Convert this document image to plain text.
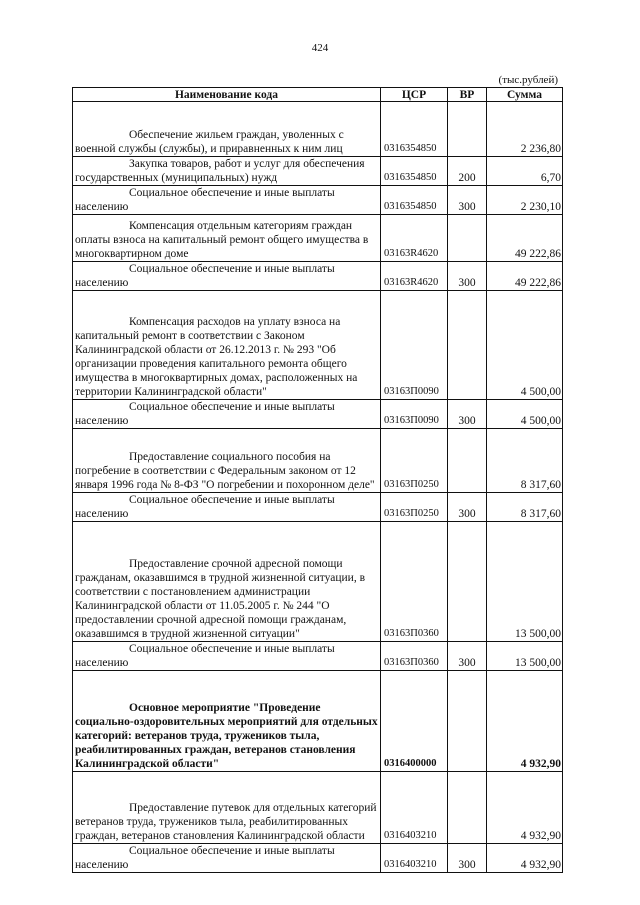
424
(тыс.рублей)
Наименование кода	ЦСР	ВР	Сумма

Обеспечение жильем граждан, уволенных с военной службы (службы), и приравненных к ним лиц	0316354850		2 236,80

Закупка товаров, работ и услуг для обеспечения государственных (муниципальных) нужд	0316354850	200	6,70

Социальное обеспечение и иные выплаты населению	0316354850	300	2 230,10

Компенсация отдельным категориям граждан оплаты взноса на капитальный ремонт общего имущества в многоквартирном доме	03163R4620		49 222,86

Социальное обеспечение и иные выплаты населению	03163R4620	300	49 222,86

Компенсация расходов на уплату взноса на капитальный ремонт в соответствии с Законом Калининградской области от 26.12.2013 г. № 293 "Об организации проведения капитального ремонта общего имущества в многоквартирных домах, расположенных на территории Калининградской области"	03163П0090		4 500,00

Социальное обеспечение и иные выплаты населению	03163П0090	300	4 500,00

Предоставление социального пособия на погребение в соответствии с Федеральным законом от 12 января 1996 года № 8-ФЗ "О погребении и похоронном деле"	03163П0250		8 317,60

Социальное обеспечение и иные выплаты населению	03163П0250	300	8 317,60

Предоставление срочной адресной помощи гражданам, оказавшимся в трудной жизненной ситуации, в соответствии с постановлением администрации Калининградской области от 11.05.2005 г. № 244 "О предоставлении срочной адресной помощи гражданам, оказавшимся в трудной жизненной ситуации"	03163П0360		13 500,00

Социальное обеспечение и иные выплаты населению	03163П0360	300	13 500,00

Основное мероприятие "Проведение социально-оздоровительных мероприятий для отдельных категорий: ветеранов труда, тружеников тыла, реабилитированных граждан, ветеранов становления Калининградской области"	0316400000		4 932,90

Предоставление путевок для отдельных категорий ветеранов труда, тружеников тыла, реабилитированных граждан, ветеранов становления Калининградской области	0316403210		4 932,90

Социальное обеспечение и иные выплаты населению	0316403210	300	4 932,90
